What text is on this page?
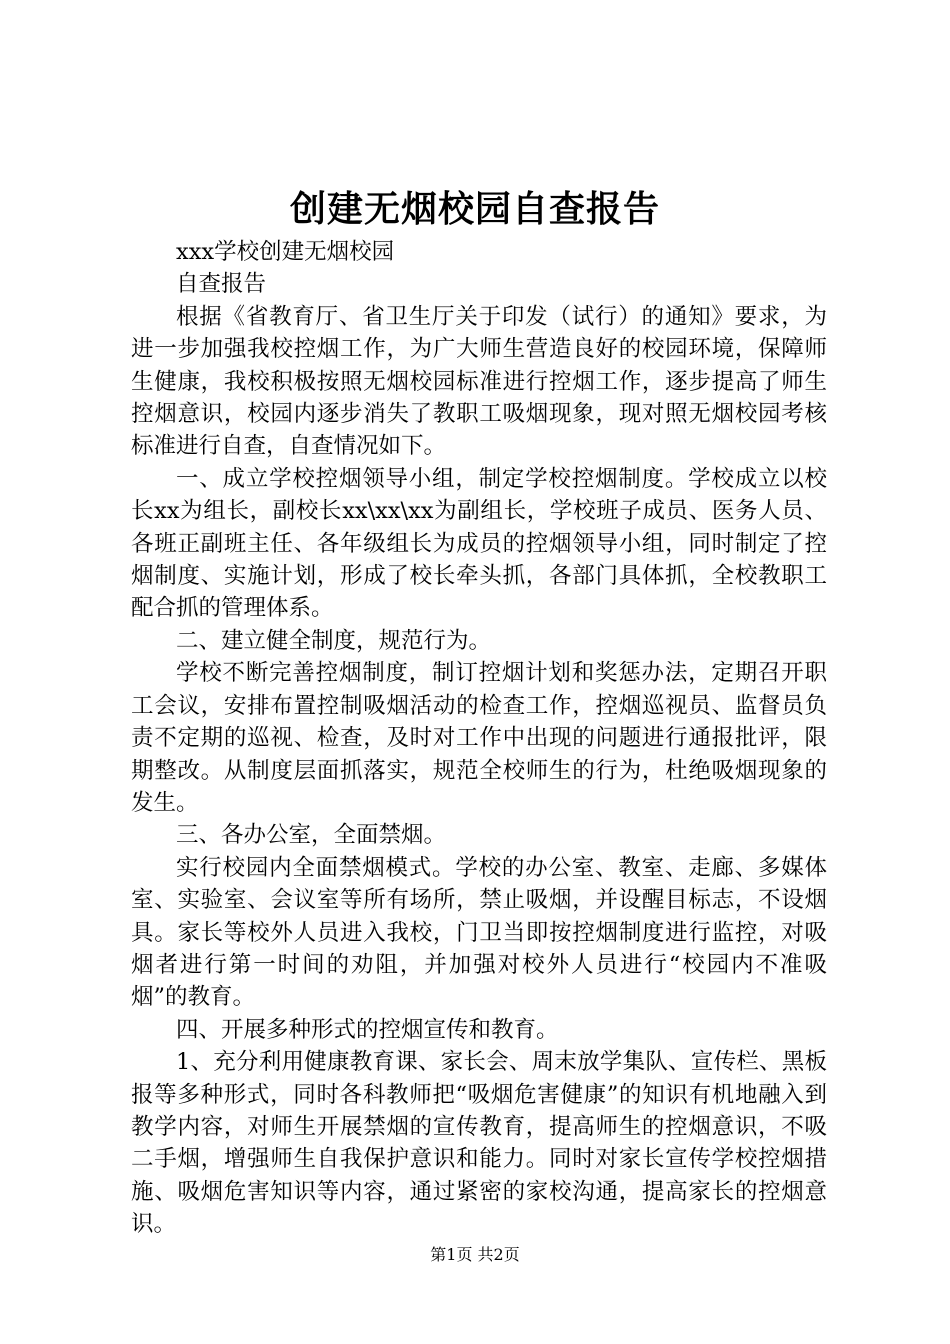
创建无烟校园自查报告

xxx学校创建无烟校园

自查报告

根据《省教育厅、省卫生厅关于印发（试行）的通知》要求，为进一步加强我校控烟工作，为广大师生营造良好的校园环境，保障师生健康，我校积极按照无烟校园标准进行控烟工作，逐步提高了师生控烟意识，校园内逐步消失了教职工吸烟现象，现对照无烟校园考核标准进行自查，自查情况如下。

一、成立学校控烟领导小组，制定学校控烟制度。学校成立以校长xx为组长，副校长xx\xx\xx为副组长，学校班子成员、医务人员、各班正副班主任、各年级组长为成员的控烟领导小组，同时制定了控烟制度、实施计划，形成了校长牵头抓，各部门具体抓，全校教职工配合抓的管理体系。

二、建立健全制度，规范行为。

学校不断完善控烟制度，制订控烟计划和奖惩办法，定期召开职工会议，安排布置控制吸烟活动的检查工作，控烟巡视员、监督员负责不定期的巡视、检查，及时对工作中出现的问题进行通报批评，限期整改。从制度层面抓落实，规范全校师生的行为，杜绝吸烟现象的发生。

三、各办公室，全面禁烟。

实行校园内全面禁烟模式。学校的办公室、教室、走廊、多媒体室、实验室、会议室等所有场所，禁止吸烟，并设醒目标志，不设烟具。家长等校外人员进入我校，门卫当即按控烟制度进行监控，对吸烟者进行第一时间的劝阻，并加强对校外人员进行“校园内不准吸烟”的教育。

四、开展多种形式的控烟宣传和教育。

1、充分利用健康教育课、家长会、周末放学集队、宣传栏、黑板报等多种形式，同时各科教师把“吸烟危害健康”的知识有机地融入到教学内容，对师生开展禁烟的宣传教育，提高师生的控烟意识，不吸二手烟，增强师生自我保护意识和能力。同时对家长宣传学校控烟措施、吸烟危害知识等内容，通过紧密的家校沟通，提高家长的控烟意识。

第1页 共2页
